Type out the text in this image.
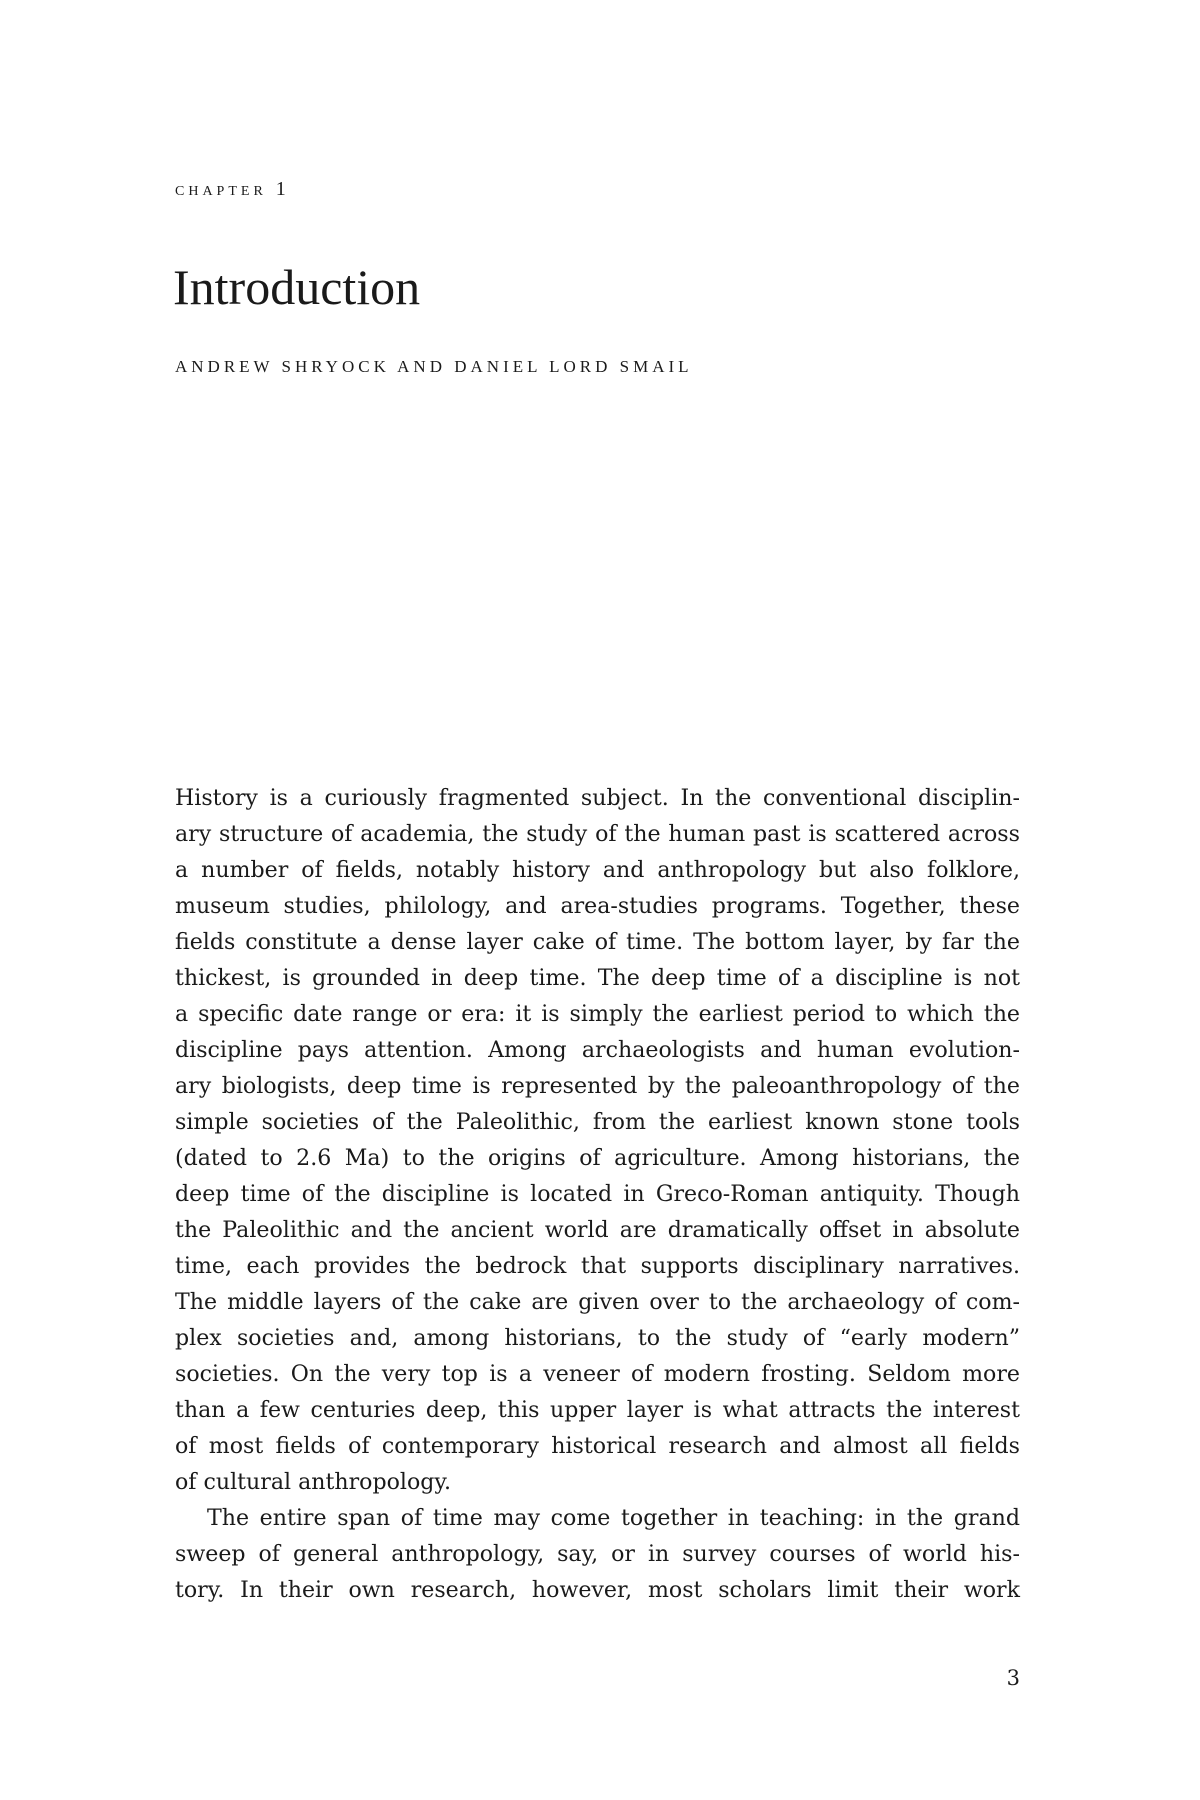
chapter 1
Introduction
ANDREW SHRYOCK AND DANIEL LORD SMAIL
History is a curiously fragmented subject. In the conventional disciplin-
ary structure of academia, the study of the human past is scattered across
a number of fields, notably history and anthropology but also folklore,
museum studies, philology, and area-studies programs. Together, these
fields constitute a dense layer cake of time. The bottom layer, by far the
thickest, is grounded in deep time. The deep time of a discipline is not
a specific date range or era: it is simply the earliest period to which the
discipline pays attention. Among archaeologists and human evolution-
ary biologists, deep time is represented by the paleoanthropology of the
simple societies of the Paleolithic, from the earliest known stone tools
(dated to 2.6 Ma) to the origins of agriculture. Among historians, the
deep time of the discipline is located in Greco-Roman antiquity. Though
the Paleolithic and the ancient world are dramatically offset in absolute
time, each provides the bedrock that supports disciplinary narratives.
The middle layers of the cake are given over to the archaeology of com-
plex societies and, among historians, to the study of “early modern”
societies. On the very top is a veneer of modern frosting. Seldom more
than a few centuries deep, this upper layer is what attracts the interest
of most fields of contemporary historical research and almost all fields
of cultural anthropology.
The entire span of time may come together in teaching: in the grand
sweep of general anthropology, say, or in survey courses of world his-
tory. In their own research, however, most scholars limit their work
3
